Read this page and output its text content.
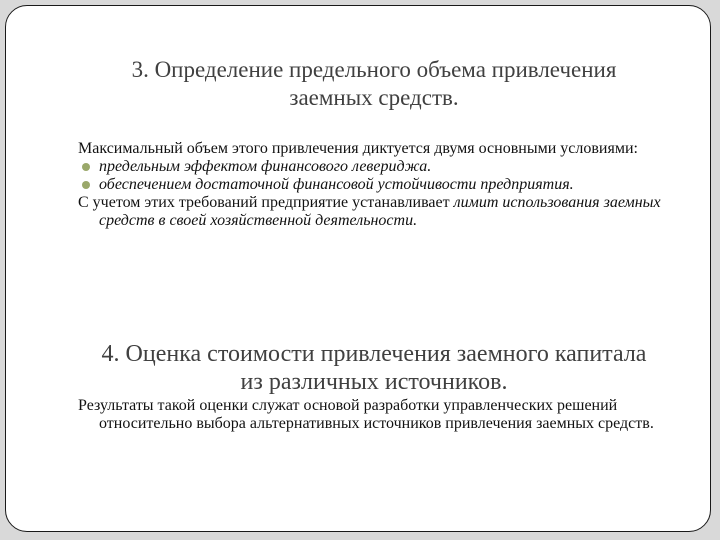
3. Определение предельного объема привлечения
заемных средств.

Максимальный объем этого привлечения диктуется двумя основными условиями:

предельным эффектом финансового левериджа.

обеспечением достаточной финансовой устойчивости предприятия.

С учетом этих требований предприятие устанавливает лимит использования заемных средств в своей хозяйственной деятельности.

4. Оценка стоимости привлечения заемного капитала
из различных источников.

Результаты такой оценки служат основой разработки управленческих решений относительно выбора альтернативных источников привлечения заемных средств.
